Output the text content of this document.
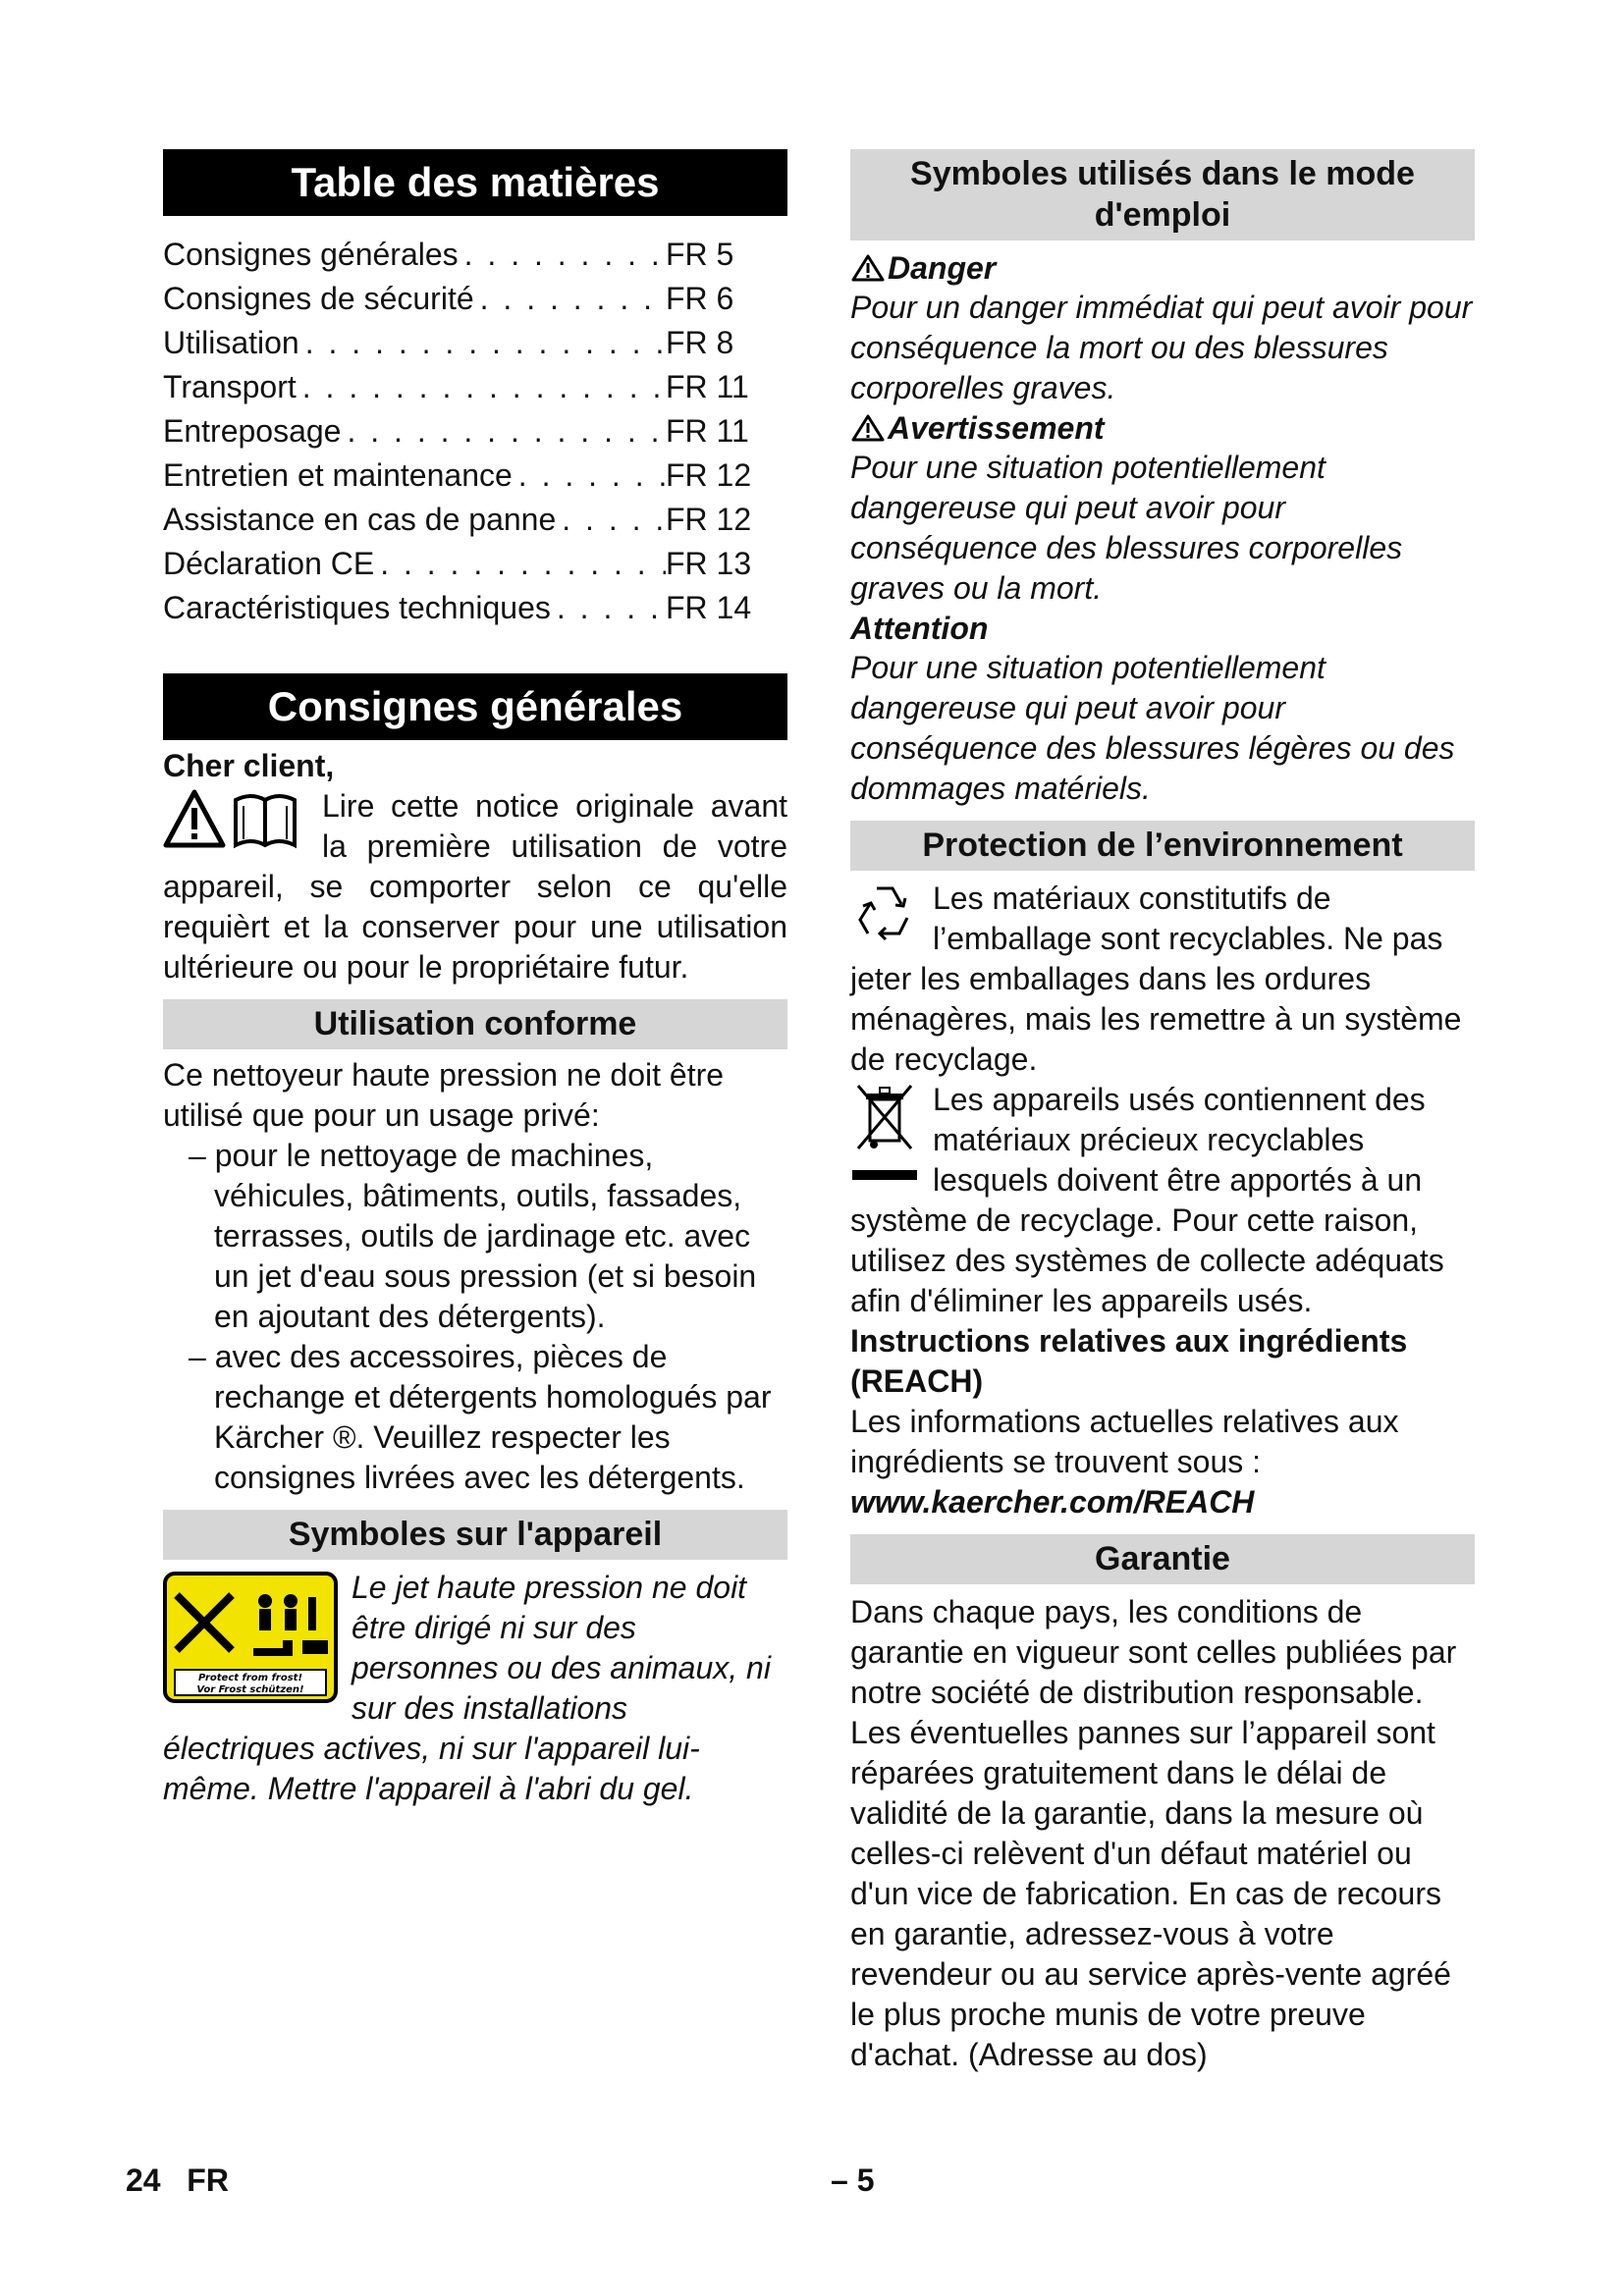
Table des matières
Consignes générales . . .	FR 5
Consignes de sécurité . . .	FR 6
Utilisation . . .	FR 8
Transport . . .	FR 11
Entreposage . . .	FR 11
Entretien et maintenance . . .	FR 12
Assistance en cas de panne . . .	FR 12
Déclaration CE . . .	FR 13
Caractéristiques techniques . . .	FR 14
Consignes générales

Cher client,

Lire cette notice originale avant la première utilisation de votre appareil, se comporter selon ce qu'elle requièrt et la conserver pour une utilisation ultérieure ou pour le propriétaire futur.
Utilisation conforme

Ce nettoyeur haute pression ne doit être utilisé que pour un usage privé:

– pour le nettoyage de machines, véhicules, bâtiments, outils, fassades, terrasses, outils de jardinage etc. avec un jet d'eau sous pression (et si besoin en ajoutant des détergents).

– avec des accessoires, pièces de rechange et détergents homologués par Kärcher ®. Veuillez respecter les consignes livrées avec les détergents.

Symboles sur l'appareil
Protect from frost!
Vor Frost schützen!
Le jet haute pression ne doit être dirigé ni sur des personnes ou des animaux, ni sur des installations électriques actives, ni sur l'appareil lui-même. Mettre l'appareil à l'abri du gel.
Symboles utilisés dans le mode d'emploi
Danger

Pour un danger immédiat qui peut avoir pour conséquence la mort ou des blessures corporelles graves.

Avertissement

Pour une situation potentiellement dangereuse qui peut avoir pour conséquence des blessures corporelles graves ou la mort.

Attention

Pour une situation potentiellement dangereuse qui peut avoir pour conséquence des blessures légères ou des dommages matériels.

Protection de l’environnement
Les matériaux constitutifs de l’emballage sont recyclables. Ne pas jeter les emballages dans les ordures ménagères, mais les remettre à un système de recyclage.
Les appareils usés contiennent des matériaux précieux recyclables lesquels doivent être apportés à un système de recyclage. Pour cette raison, utilisez des systèmes de collecte adéquats afin d'éliminer les appareils usés.

Instructions relatives aux ingrédients (REACH)

Les informations actuelles relatives aux ingrédients se trouvent sous :

www.kaercher.com/REACH

Garantie

Dans chaque pays, les conditions de garantie en vigueur sont celles publiées par notre société de distribution responsable. Les éventuelles pannes sur l’appareil sont réparées gratuitement dans le délai de validité de la garantie, dans la mesure où celles-ci relèvent d'un défaut matériel ou d'un vice de fabrication. En cas de recours en garantie, adressez-vous à votre revendeur ou au service après-vente agréé le plus proche munis de votre preuve d'achat. (Adresse au dos)

24   FR	– 5
